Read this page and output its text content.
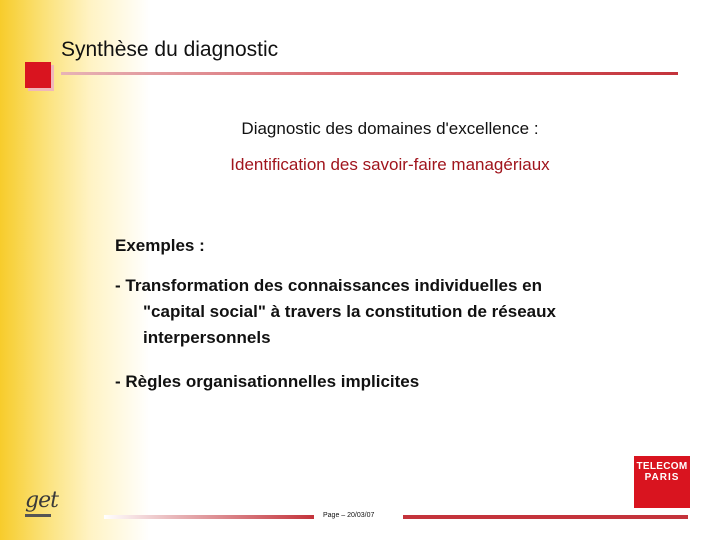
Synthèse du diagnostic
Diagnostic des domaines d'excellence :
Identification des savoir-faire managériaux
Exemples :
- Transformation des connaissances individuelles en
"capital social" à travers la constitution de réseaux
interpersonnels
- Règles organisationnelles implicites
Page – 20/03/07
get
TELECOM
PARIS
